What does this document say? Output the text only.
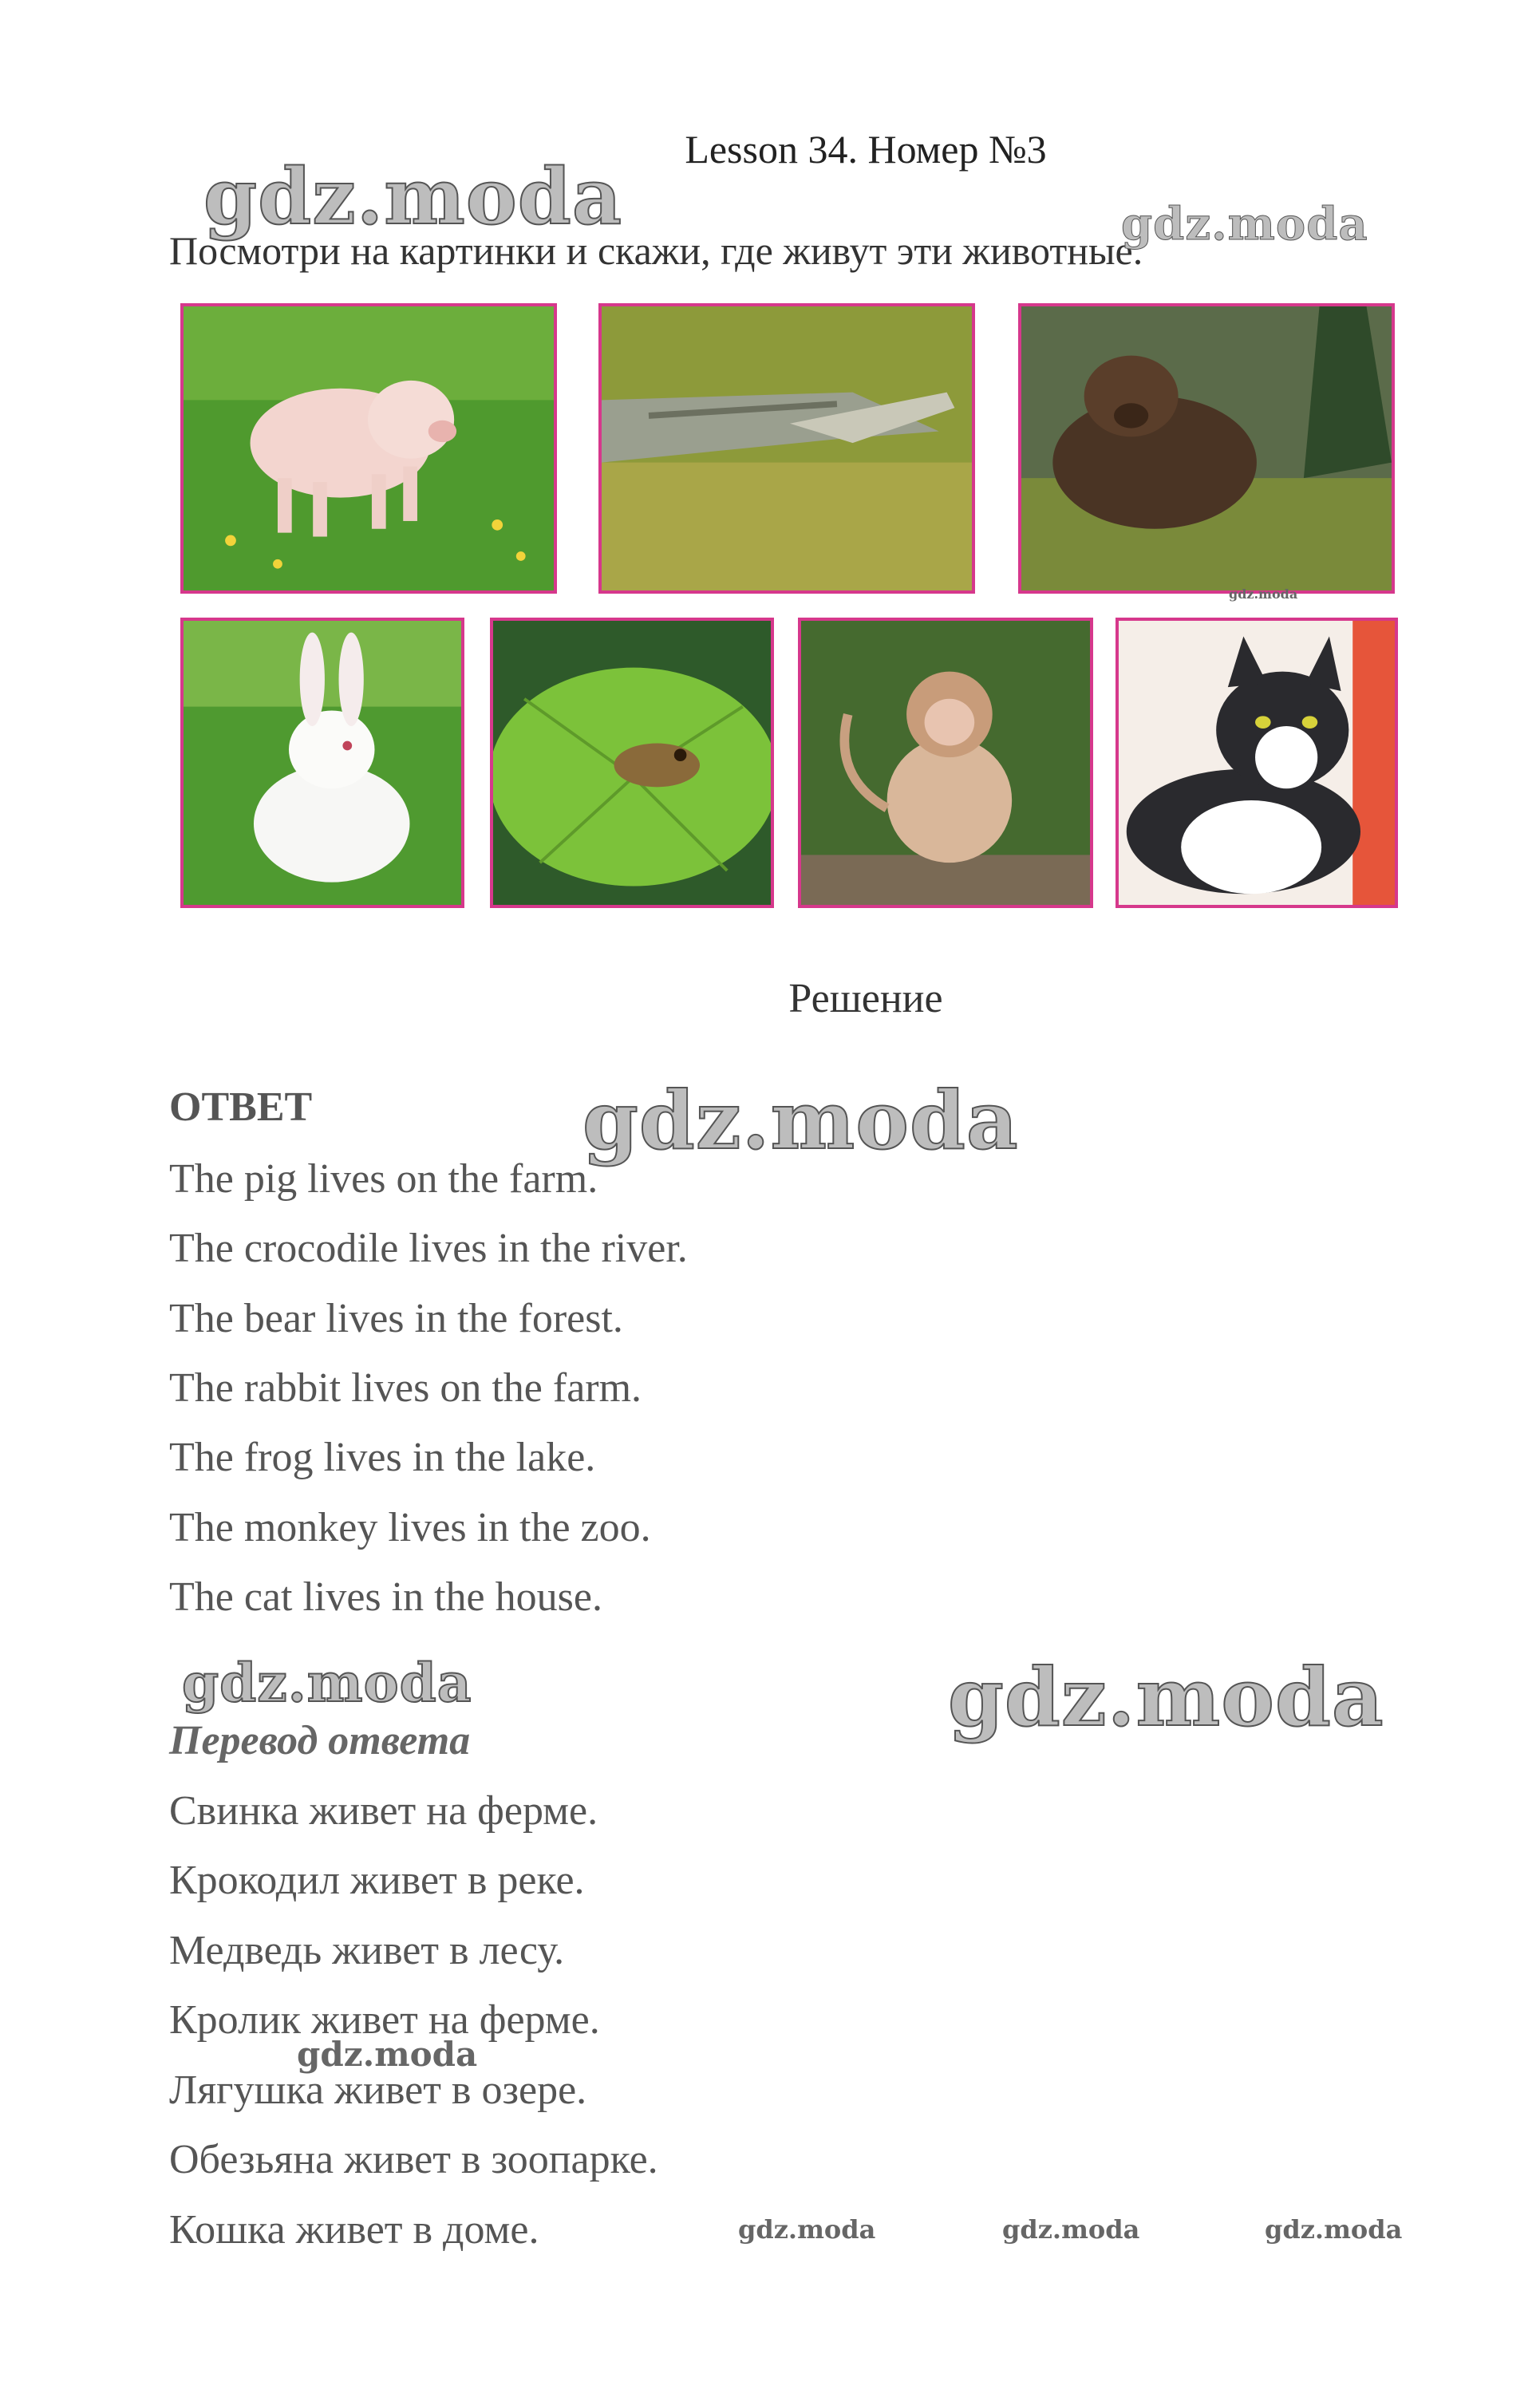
Lesson 34. Номер №3
Посмотри на картинки и скажи, где живут эти животные.
Решение
ОТВЕТ
The pig lives on the farm.
The crocodile lives in the river.
The bear lives in the forest.
The rabbit lives on the farm.
The frog lives in the lake.
The monkey lives in the zoo.
The cat lives in the house.
Перевод ответа
Свинка живет на ферме.
Крокодил живет в реке.
Медведь живет в лесу.
Кролик живет на ферме.
Лягушка живет в озере.
Обезьяна живет в зоопарке.
Кошка живет в доме.
gdz.moda	gdz.moda
gdz.moda
gdz.moda	gdz.moda
gdz.moda
gdz.moda
gdz.moda	gdz.moda	gdz.moda
